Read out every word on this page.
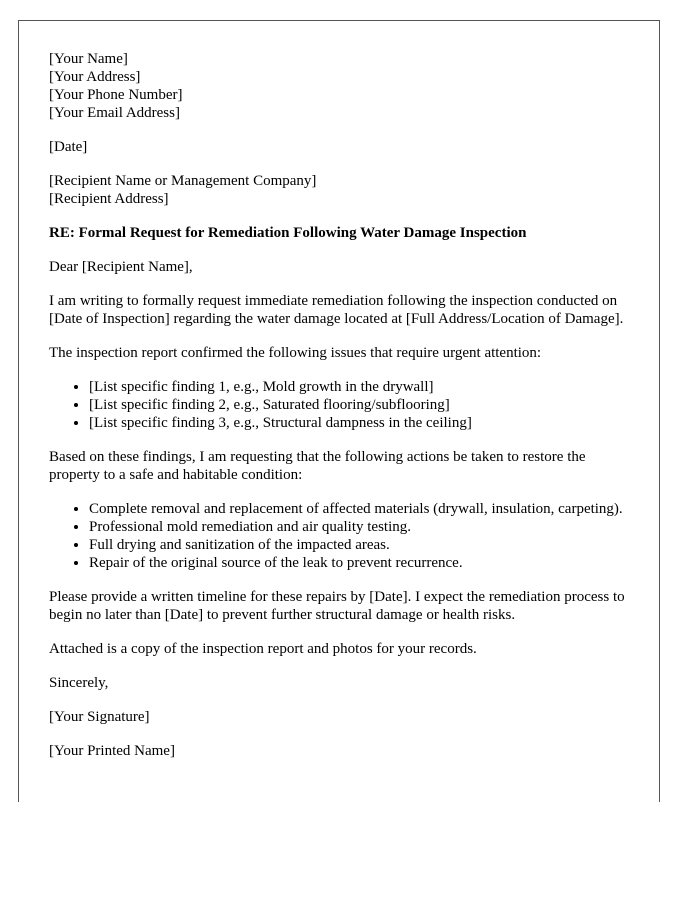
[Your Name]
[Your Address]
[Your Phone Number]
[Your Email Address]
[Date]
[Recipient Name or Management Company]
[Recipient Address]
RE: Formal Request for Remediation Following Water Damage Inspection

Dear [Recipient Name],

I am writing to formally request immediate remediation following the inspection conducted on [Date of Inspection] regarding the water damage located at [Full Address/Location of Damage].

The inspection report confirmed the following issues that require urgent attention:

• [List specific finding 1, e.g., Mold growth in the drywall]
• [List specific finding 2, e.g., Saturated flooring/subflooring]
• [List specific finding 3, e.g., Structural dampness in the ceiling]

Based on these findings, I am requesting that the following actions be taken to restore the property to a safe and habitable condition:

• Complete removal and replacement of affected materials (drywall, insulation, carpeting).
• Professional mold remediation and air quality testing.
• Full drying and sanitization of the impacted areas.
• Repair of the original source of the leak to prevent recurrence.

Please provide a written timeline for these repairs by [Date]. I expect the remediation process to begin no later than [Date] to prevent further structural damage or health risks.

Attached is a copy of the inspection report and photos for your records.

Sincerely,

[Your Signature]

[Your Printed Name]
